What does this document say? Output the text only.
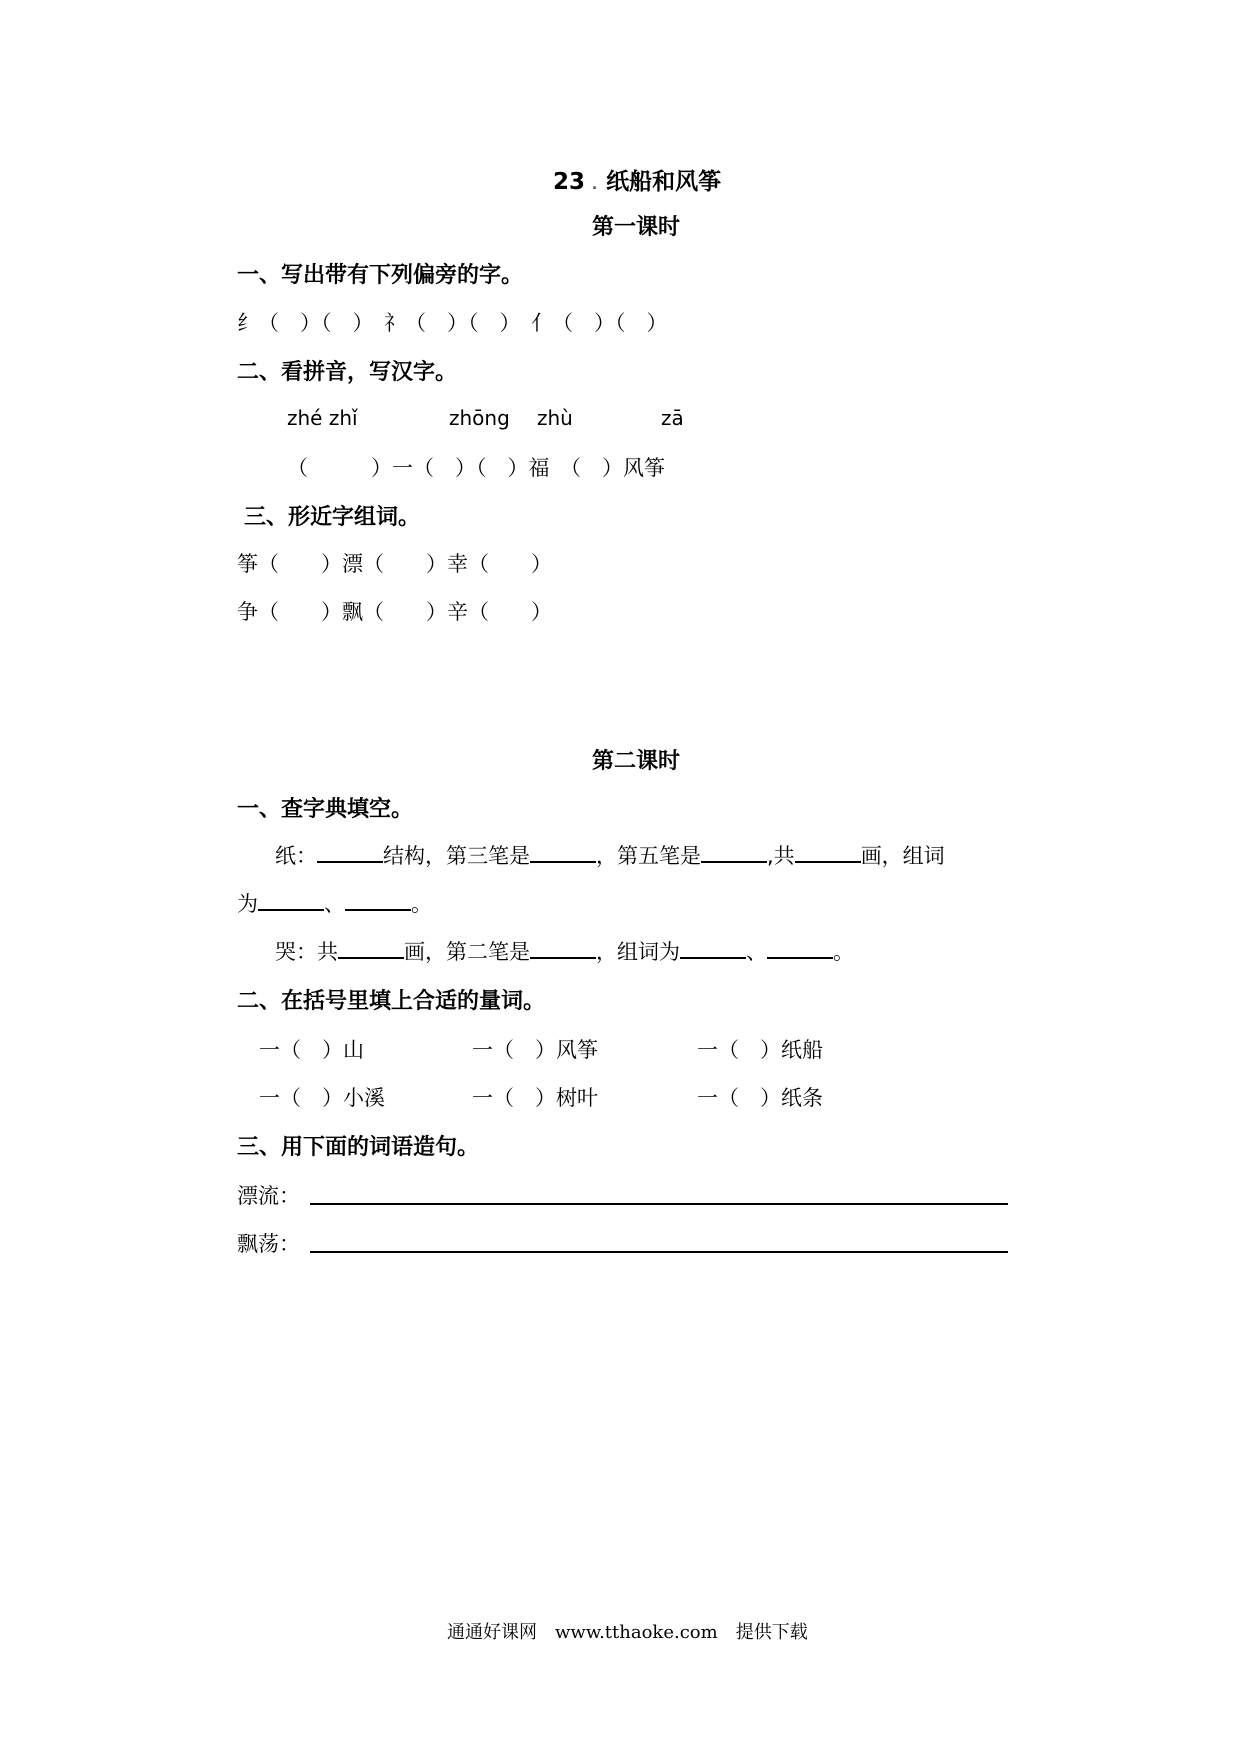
23 . 纸船和风筝
第一课时
一、写出带有下列偏旁的字。
纟（　）（　）　礻（　）（　）　亻（　）（　）
二、看拼音，写汉字。
zhé zhǐ	zhōng zhù	zā
（　　　）一（　）（　）福　（　）风筝
三、形近字组词。
筝（　　）漂（　　）幸（　　）
争（　　）飘（　　）辛（　　）
第二课时
一、查字典填空。
纸：	结构，第三笔是	，第五笔是	,共	画，组词
为	、	。
哭：共	画，第二笔是	，组词为	、	。
二、在括号里填上合适的量词。
一（　）山	一（　）风筝	一（　）纸船
一（　）小溪	一（　）树叶	一（　）纸条
三、用下面的词语造句。
漂流：
飘荡：
通通好课网　www.tthaoke.com　提供下载
